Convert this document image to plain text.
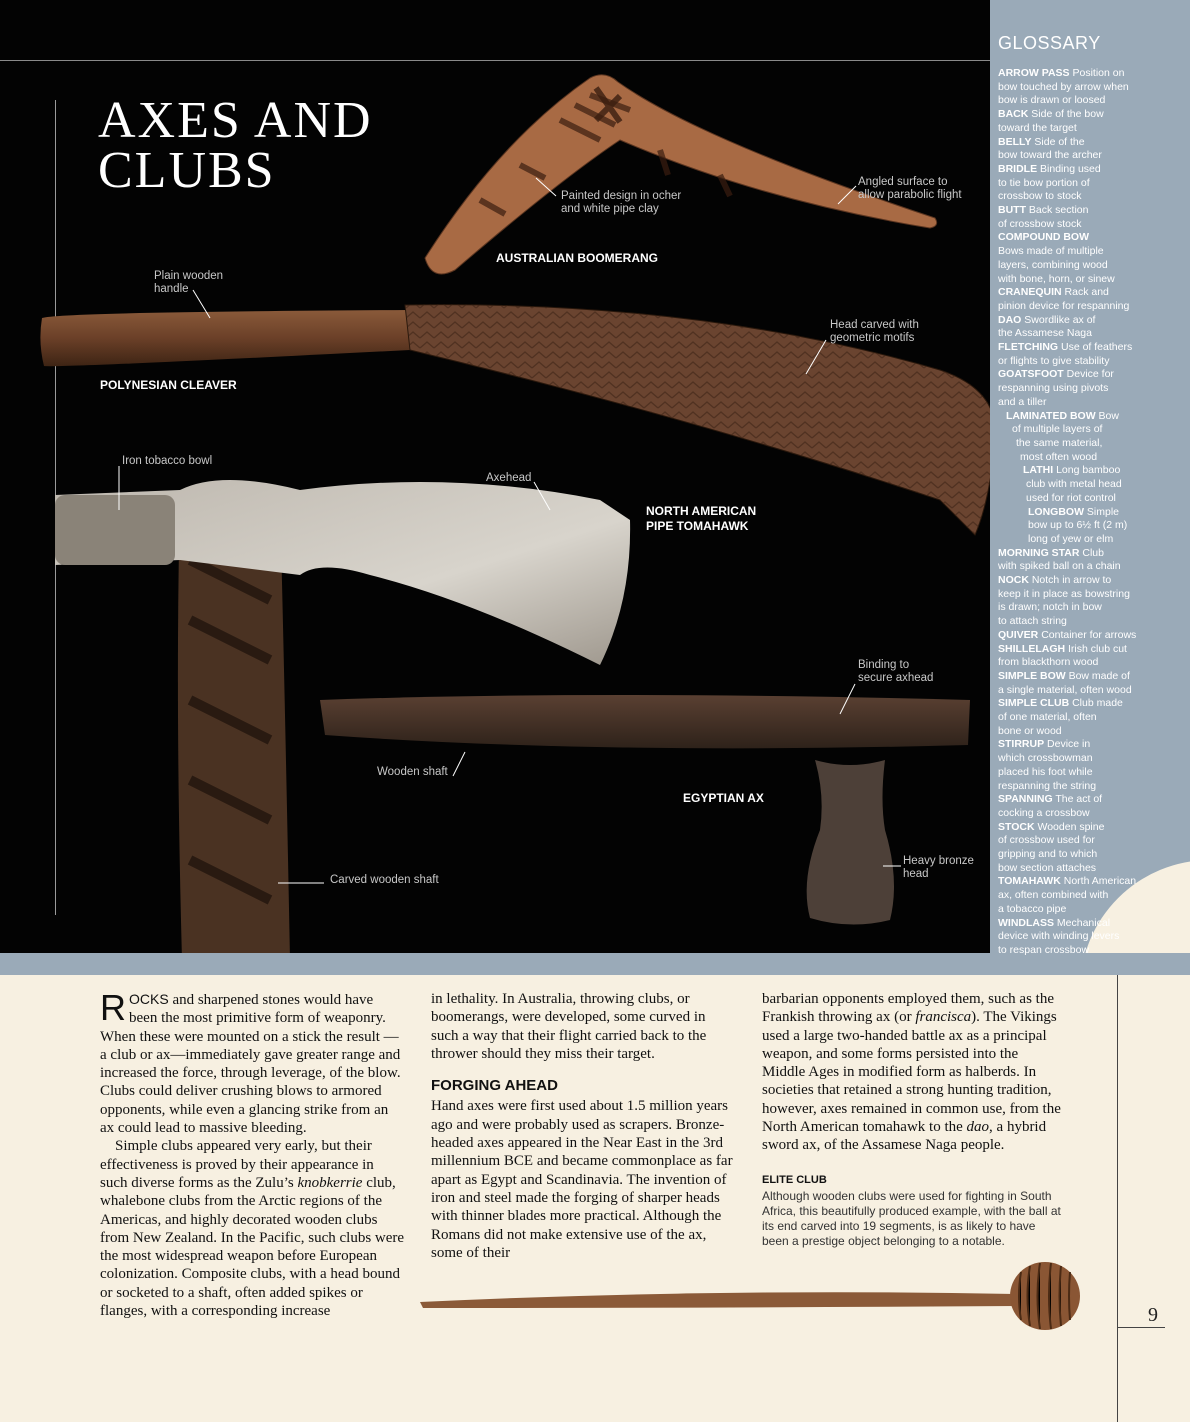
AXES AND
CLUBS
AUSTRALIAN BOOMERANG
POLYNESIAN CLEAVER
NORTH AMERICAN
PIPE TOMAHAWK
EGYPTIAN AX
Painted design in ocher
and white pipe clay
Angled surface to
allow parabolic flight
Plain wooden
handle
Head carved with
geometric motifs
Iron tobacco bowl
Axehead
Binding to
secure axhead
Wooden shaft
Carved wooden shaft
Heavy bronze
head
GLOSSARY
ARROW PASS Position on
bow touched by arrow when
bow is drawn or loosed
BACK Side of the bow
toward the target
BELLY Side of the
bow toward the archer
BRIDLE Binding used
to tie bow portion of
crossbow to stock
BUTT Back section
of crossbow stock
COMPOUND BOW
Bows made of multiple
layers, combining wood
with bone, horn, or sinew
CRANEQUIN Rack and
pinion device for respanning
DAO Swordlike ax of
the Assamese Naga
FLETCHING Use of feathers
or flights to give stability
GOATSFOOT Device for
respanning using pivots
and a tiller
LAMINATED BOW Bow
of multiple layers of
the same material,
most often wood
LATHI Long bamboo
club with metal head
used for riot control
LONGBOW Simple
bow up to 6½ ft (2 m)
long of yew or elm
MORNING STAR Club
with spiked ball on a chain
NOCK Notch in arrow to
keep it in place as bowstring
is drawn; notch in bow
to attach string
QUIVER Container for arrows
SHILLELAGH Irish club cut
from blackthorn wood
SIMPLE BOW Bow made of
a single material, often wood
SIMPLE CLUB Club made
of one material, often
bone or wood
STIRRUP Device in
which crossbowman
placed his foot while
respanning the string
SPANNING The act of
cocking a crossbow
STOCK Wooden spine
of crossbow used for
gripping and to which
bow section attaches
TOMAHAWK North American
ax, often combined with
a tobacco pipe
WINDLASS Mechanical
device with winding levers
to respan crossbow
ROCKS and sharpened stones would have been the most primitive form of weaponry. When these were mounted on a stick the result —a club or ax—immediately gave greater range and increased the force, through leverage, of the blow. Clubs could deliver crushing blows to armored opponents, while even a glancing strike from an ax could lead to massive bleeding.
Simple clubs appeared very early, but their effectiveness is proved by their appearance in such diverse forms as the Zulu’s knobkerrie club, whalebone clubs from the Arctic regions of the Americas, and highly decorated wooden clubs from New Zealand. In the Pacific, such clubs were the most widespread weapon before European colonization. Composite clubs, with a head bound or socketed to a shaft, often added spikes or flanges, with a corresponding increase
in lethality. In Australia, throwing clubs, or boomerangs, were developed, some curved in such a way that their flight carried back to the thrower should they miss their target.
FORGING AHEAD
Hand axes were first used about 1.5 million years ago and were probably used as scrapers. Bronze-headed axes appeared in the Near East in the 3rd millennium BCE and became commonplace as far apart as Egypt and Scandinavia. The invention of iron and steel made the forging of sharper heads with thinner blades more practical. Although the Romans did not make extensive use of the ax, some of their
barbarian opponents employed them, such as the Frankish throwing ax (or francisca). The Vikings used a large two-handed battle ax as a principal weapon, and some forms persisted into the Middle Ages in modified form as halberds. In societies that retained a strong hunting tradition, however, axes remained in common use, from the North American tomahawk to the dao, a hybrid sword ax, of the Assamese Naga people.
ELITE CLUB
Although wooden clubs were used for fighting in South Africa, this beautifully produced example, with the ball at its end carved into 19 segments, is as likely to have been a prestige object belonging to a notable.
9
